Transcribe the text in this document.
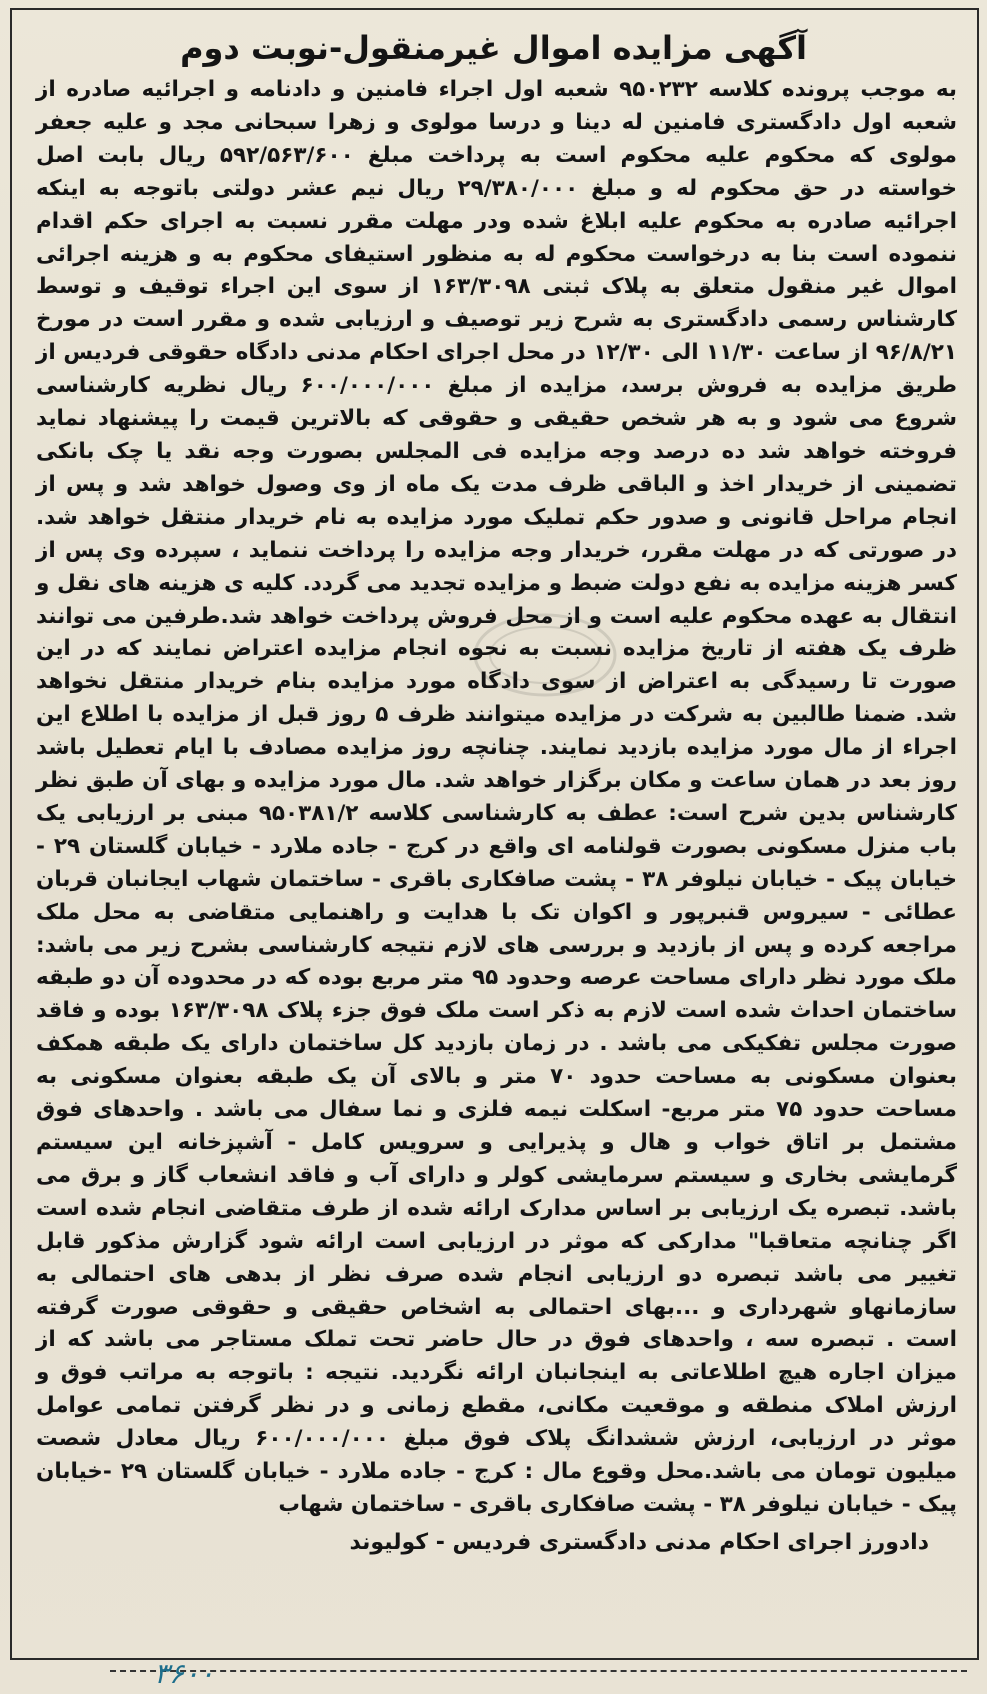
آگهی مزایده اموال غیرمنقول-نوبت دوم

به موجب پرونده کلاسه ۹۵۰۲۳۲ شعبه اول اجراء فامنین و دادنامه و اجرائیه صادره از شعبه اول دادگستری فامنین له دینا و درسا مولوی و زهرا سبحانی مجد و علیه جعفر مولوی که محکوم علیه محکوم است به پرداخت مبلغ ۵۹۲/۵۶۳/۶۰۰ ریال بابت اصل خواسته در حق محکوم له و مبلغ ۲۹/۳۸۰/۰۰۰ ریال نیم عشر دولتی باتوجه به اینکه اجرائیه صادره به محکوم علیه ابلاغ شده ودر مهلت مقرر نسبت به اجرای حکم اقدام ننموده است بنا به درخواست محکوم له به منظور استیفای محکوم به و هزینه اجرائی اموال غیر منقول متعلق به پلاک ثبتی ۱۶۳/۳۰۹۸ از سوی این اجراء توقیف و توسط کارشناس رسمی دادگستری به شرح زیر توصیف و ارزیابی شده و مقرر است در مورخ ۹۶/۸/۲۱ از ساعت ۱۱/۳۰ الی ۱۲/۳۰ در محل اجرای احکام مدنی دادگاه حقوقی فردیس از طریق مزایده به فروش برسد، مزایده از مبلغ ۶۰۰/۰۰۰/۰۰۰ ریال نظریه کارشناسی شروع می شود و به هر شخص حقیقی و حقوقی که بالاترین قیمت را پیشنهاد نماید فروخته خواهد شد ده درصد وجه مزایده فی المجلس بصورت وجه نقد یا چک بانکی تضمینی از خریدار اخذ و الباقی ظرف مدت یک ماه از وی وصول خواهد شد و پس از انجام مراحل قانونی و صدور حکم تملیک مورد مزایده به نام خریدار منتقل خواهد شد. در صورتی که در مهلت مقرر، خریدار وجه مزایده را پرداخت ننماید ، سپرده وی پس از کسر هزینه مزایده به نفع دولت ضبط و مزایده تجدید می گردد. کلیه ی هزینه های نقل و انتقال به عهده محکوم علیه است و از محل فروش پرداخت خواهد شد.طرفین می توانند ظرف یک هفته از تاریخ مزایده نسبت به نحوه انجام مزایده اعتراض نمایند که در این صورت تا رسیدگی به اعتراض از سوی دادگاه مورد مزایده بنام خریدار منتقل نخواهد شد. ضمنا طالبین به شرکت در مزایده میتوانند ظرف ۵ روز قبل از مزایده با اطلاع این اجراء از مال مورد مزایده بازدید نمایند. چنانچه روز مزایده مصادف با ایام تعطیل باشد روز بعد در همان ساعت و مکان برگزار خواهد شد. مال مورد مزایده و بهای آن طبق نظر کارشناس بدین شرح است: عطف به کارشناسی کلاسه ۹۵۰۳۸۱/۲ مبنی بر ارزیابی یک باب منزل مسکونی بصورت قولنامه ای واقع در کرج - جاده ملارد - خیابان گلستان ۲۹ - خیابان پیک - خیابان نیلوفر ۳۸ - پشت صافکاری باقری - ساختمان شهاب ایجانبان قربان عطائی - سیروس قنبرپور و اکوان تک با هدایت و راهنمایی متقاضی به محل ملک مراجعه کرده و پس از بازدید و بررسی های لازم نتیجه کارشناسی بشرح زیر می باشد: ملک مورد نظر دارای مساحت عرصه وحدود ۹۵ متر مربع بوده که در محدوده آن دو طبقه ساختمان احداث شده است لازم به ذکر است ملک فوق جزء پلاک ۱۶۳/۳۰۹۸ بوده و فاقد صورت مجلس تفکیکی می باشد . در زمان بازدید کل ساختمان دارای یک طبقه همکف بعنوان مسکونی به مساحت حدود ۷۰ متر و بالای آن یک طبقه بعنوان مسکونی به مساحت حدود ۷۵ متر مربع- اسکلت نیمه فلزی و نما سفال می باشد . واحدهای فوق مشتمل بر اتاق خواب و هال و پذیرایی و سرویس کامل - آشپزخانه این سیستم گرمایشی بخاری و سیستم سرمایشی کولر و دارای آب و فاقد انشعاب گاز و برق می باشد. تبصره یک ارزیابی بر اساس مدارک ارائه شده از طرف متقاضی انجام شده است اگر چنانچه متعاقبا" مدارکی که موثر در ارزیابی است ارائه شود گزارش مذکور قابل تغییر می باشد تبصره دو ارزیابی انجام شده صرف نظر از بدهی های احتمالی به سازمانهاو شهرداری و ...بهای احتمالی به اشخاص حقیقی و حقوقی صورت گرفته است . تبصره سه ، واحدهای فوق در حال حاضر تحت تملک مستاجر می باشد که از میزان اجاره هیچ اطلاعاتی به اینجانبان ارائه نگردید. نتیجه : باتوجه به مراتب فوق و ارزش املاک منطقه و موقعیت مکانی، مقطع زمانی و در نظر گرفتن تمامی عوامل موثر در ارزیابی، ارزش ششدانگ پلاک فوق مبلغ ۶۰۰/۰۰۰/۰۰۰ ریال معادل شصت میلیون تومان می باشد.محل وقوع مال : کرج - جاده ملارد - خیابان گلستان ۲۹ -خیابان پیک - خیابان نیلوفر ۳۸ - پشت صافکاری باقری - ساختمان شهاب

دادورز اجرای احکام مدنی دادگستری فردیس - کولیوند
۳۶۰۰
